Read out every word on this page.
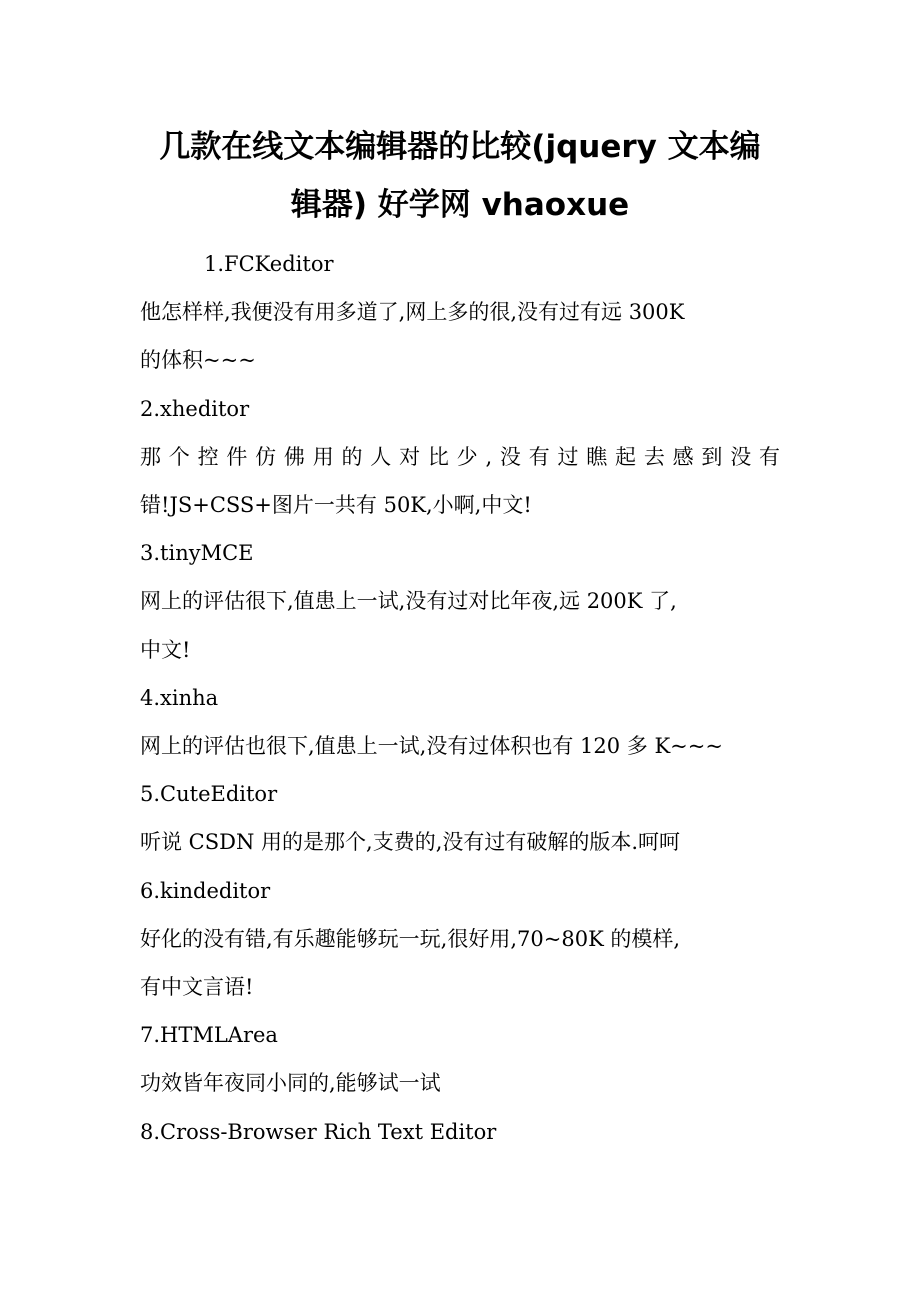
几款在线文本编辑器的比较(jquery 文本编
辑器) 好学网 vhaoxue

1.FCKeditor

他怎样样,我便没有用多道了,网上多的很,没有过有远 300K

的体积~~~

2.xheditor

那个控件仿佛用的人对比少,没有过瞧起去感到没有

错!JS+CSS+图片一共有 50K,小啊,中文!

3.tinyMCE

网上的评估很下,值患上一试,没有过对比年夜,远 200K 了,

中文!

4.xinha

网上的评估也很下,值患上一试,没有过体积也有 120 多 K~~~

5.CuteEditor

听说 CSDN 用的是那个,支费的,没有过有破解的版本.呵呵

6.kindeditor

好化的没有错,有乐趣能够玩一玩,很好用,70~80K 的模样,

有中文言语!

7.HTMLArea

功效皆年夜同小同的,能够试一试

8.Cross-Browser Rich Text Editor
